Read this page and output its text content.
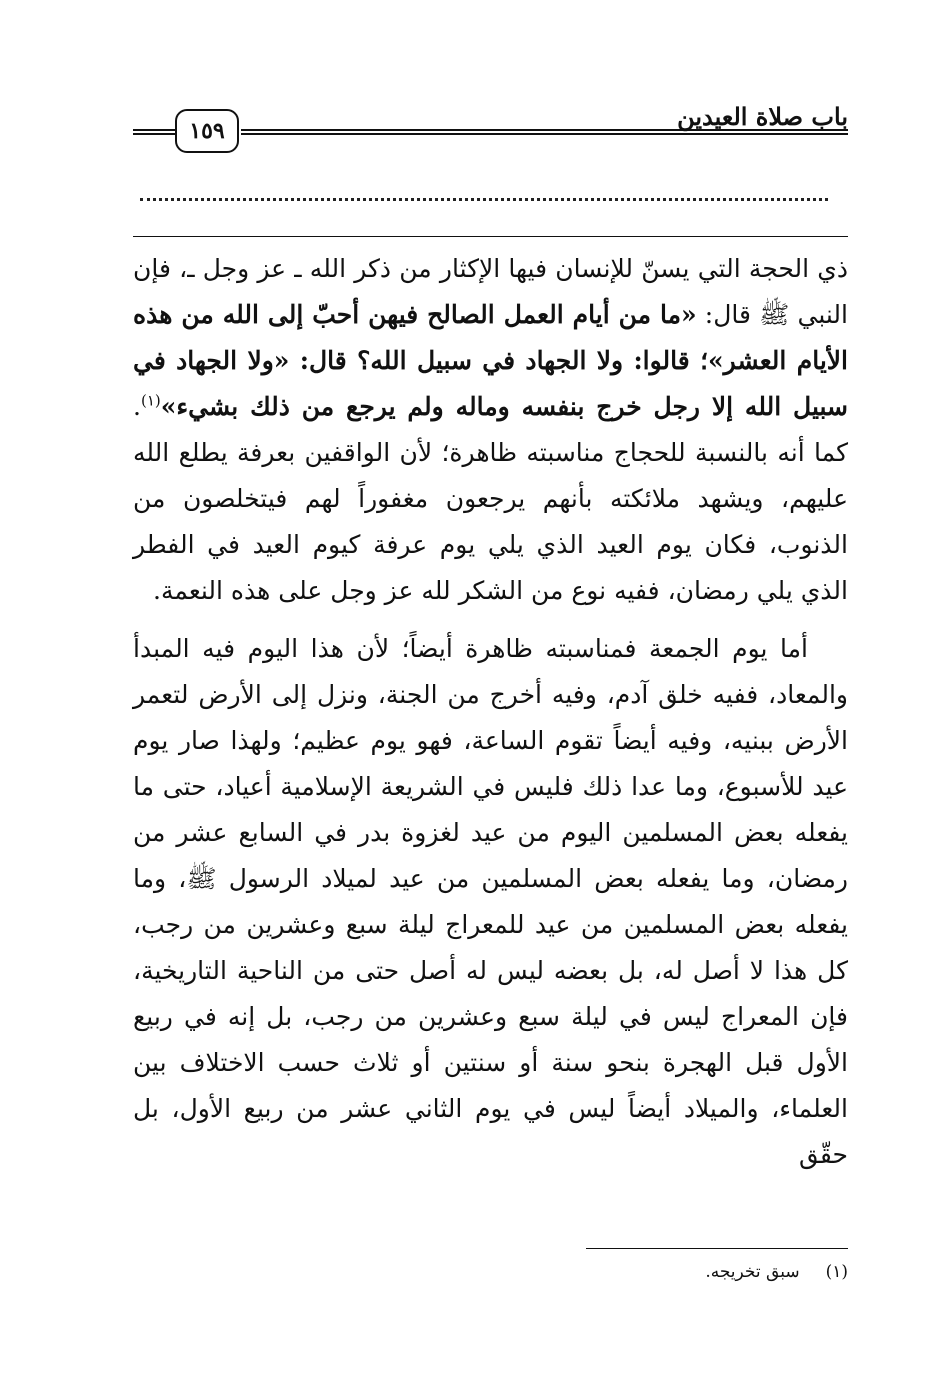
باب صلاة العيدين
١٥٩

ذي الحجة التي يسنّ للإنسان فيها الإكثار من ذكر الله ـ عز وجل ـ، فإن النبي ﷺ قال: «ما من أيام العمل الصالح فيهن أحبّ إلى الله من هذه الأيام العشر»؛ قالوا: ولا الجهاد في سبيل الله؟ قال: «ولا الجهاد في سبيل الله إلا رجل خرج بنفسه وماله ولم يرجع من ذلك بشيء»$^{(١)}$. كما أنه بالنسبة للحجاج مناسبته ظاهرة؛ لأن الواقفين بعرفة يطلع الله عليهم، ويشهد ملائكته بأنهم يرجعون مغفوراً لهم فيتخلصون من الذنوب، فكان يوم العيد الذي يلي يوم عرفة كيوم العيد في الفطر الذي يلي رمضان، ففيه نوع من الشكر لله عز وجل على هذه النعمة.

أما يوم الجمعة فمناسبته ظاهرة أيضاً؛ لأن هذا اليوم فيه المبدأ والمعاد، ففيه خلق آدم، وفيه أخرج من الجنة، ونزل إلى الأرض لتعمر الأرض ببنيه، وفيه أيضاً تقوم الساعة، فهو يوم عظيم؛ ولهذا صار يوم عيد للأسبوع، وما عدا ذلك فليس في الشريعة الإسلامية أعياد، حتى ما يفعله بعض المسلمين اليوم من عيد لغزوة بدر في السابع عشر من رمضان، وما يفعله بعض المسلمين من عيد لميلاد الرسول ﷺ، وما يفعله بعض المسلمين من عيد للمعراج ليلة سبع وعشرين من رجب، كل هذا لا أصل له، بل بعضه ليس له أصل حتى من الناحية التاريخية، فإن المعراج ليس في ليلة سبع وعشرين من رجب، بل إنه في ربيع الأول قبل الهجرة بنحو سنة أو سنتين أو ثلاث حسب الاختلاف بين العلماء، والميلاد أيضاً ليس في يوم الثاني عشر من ربيع الأول، بل حقّق

(١)سبق تخريجه.
